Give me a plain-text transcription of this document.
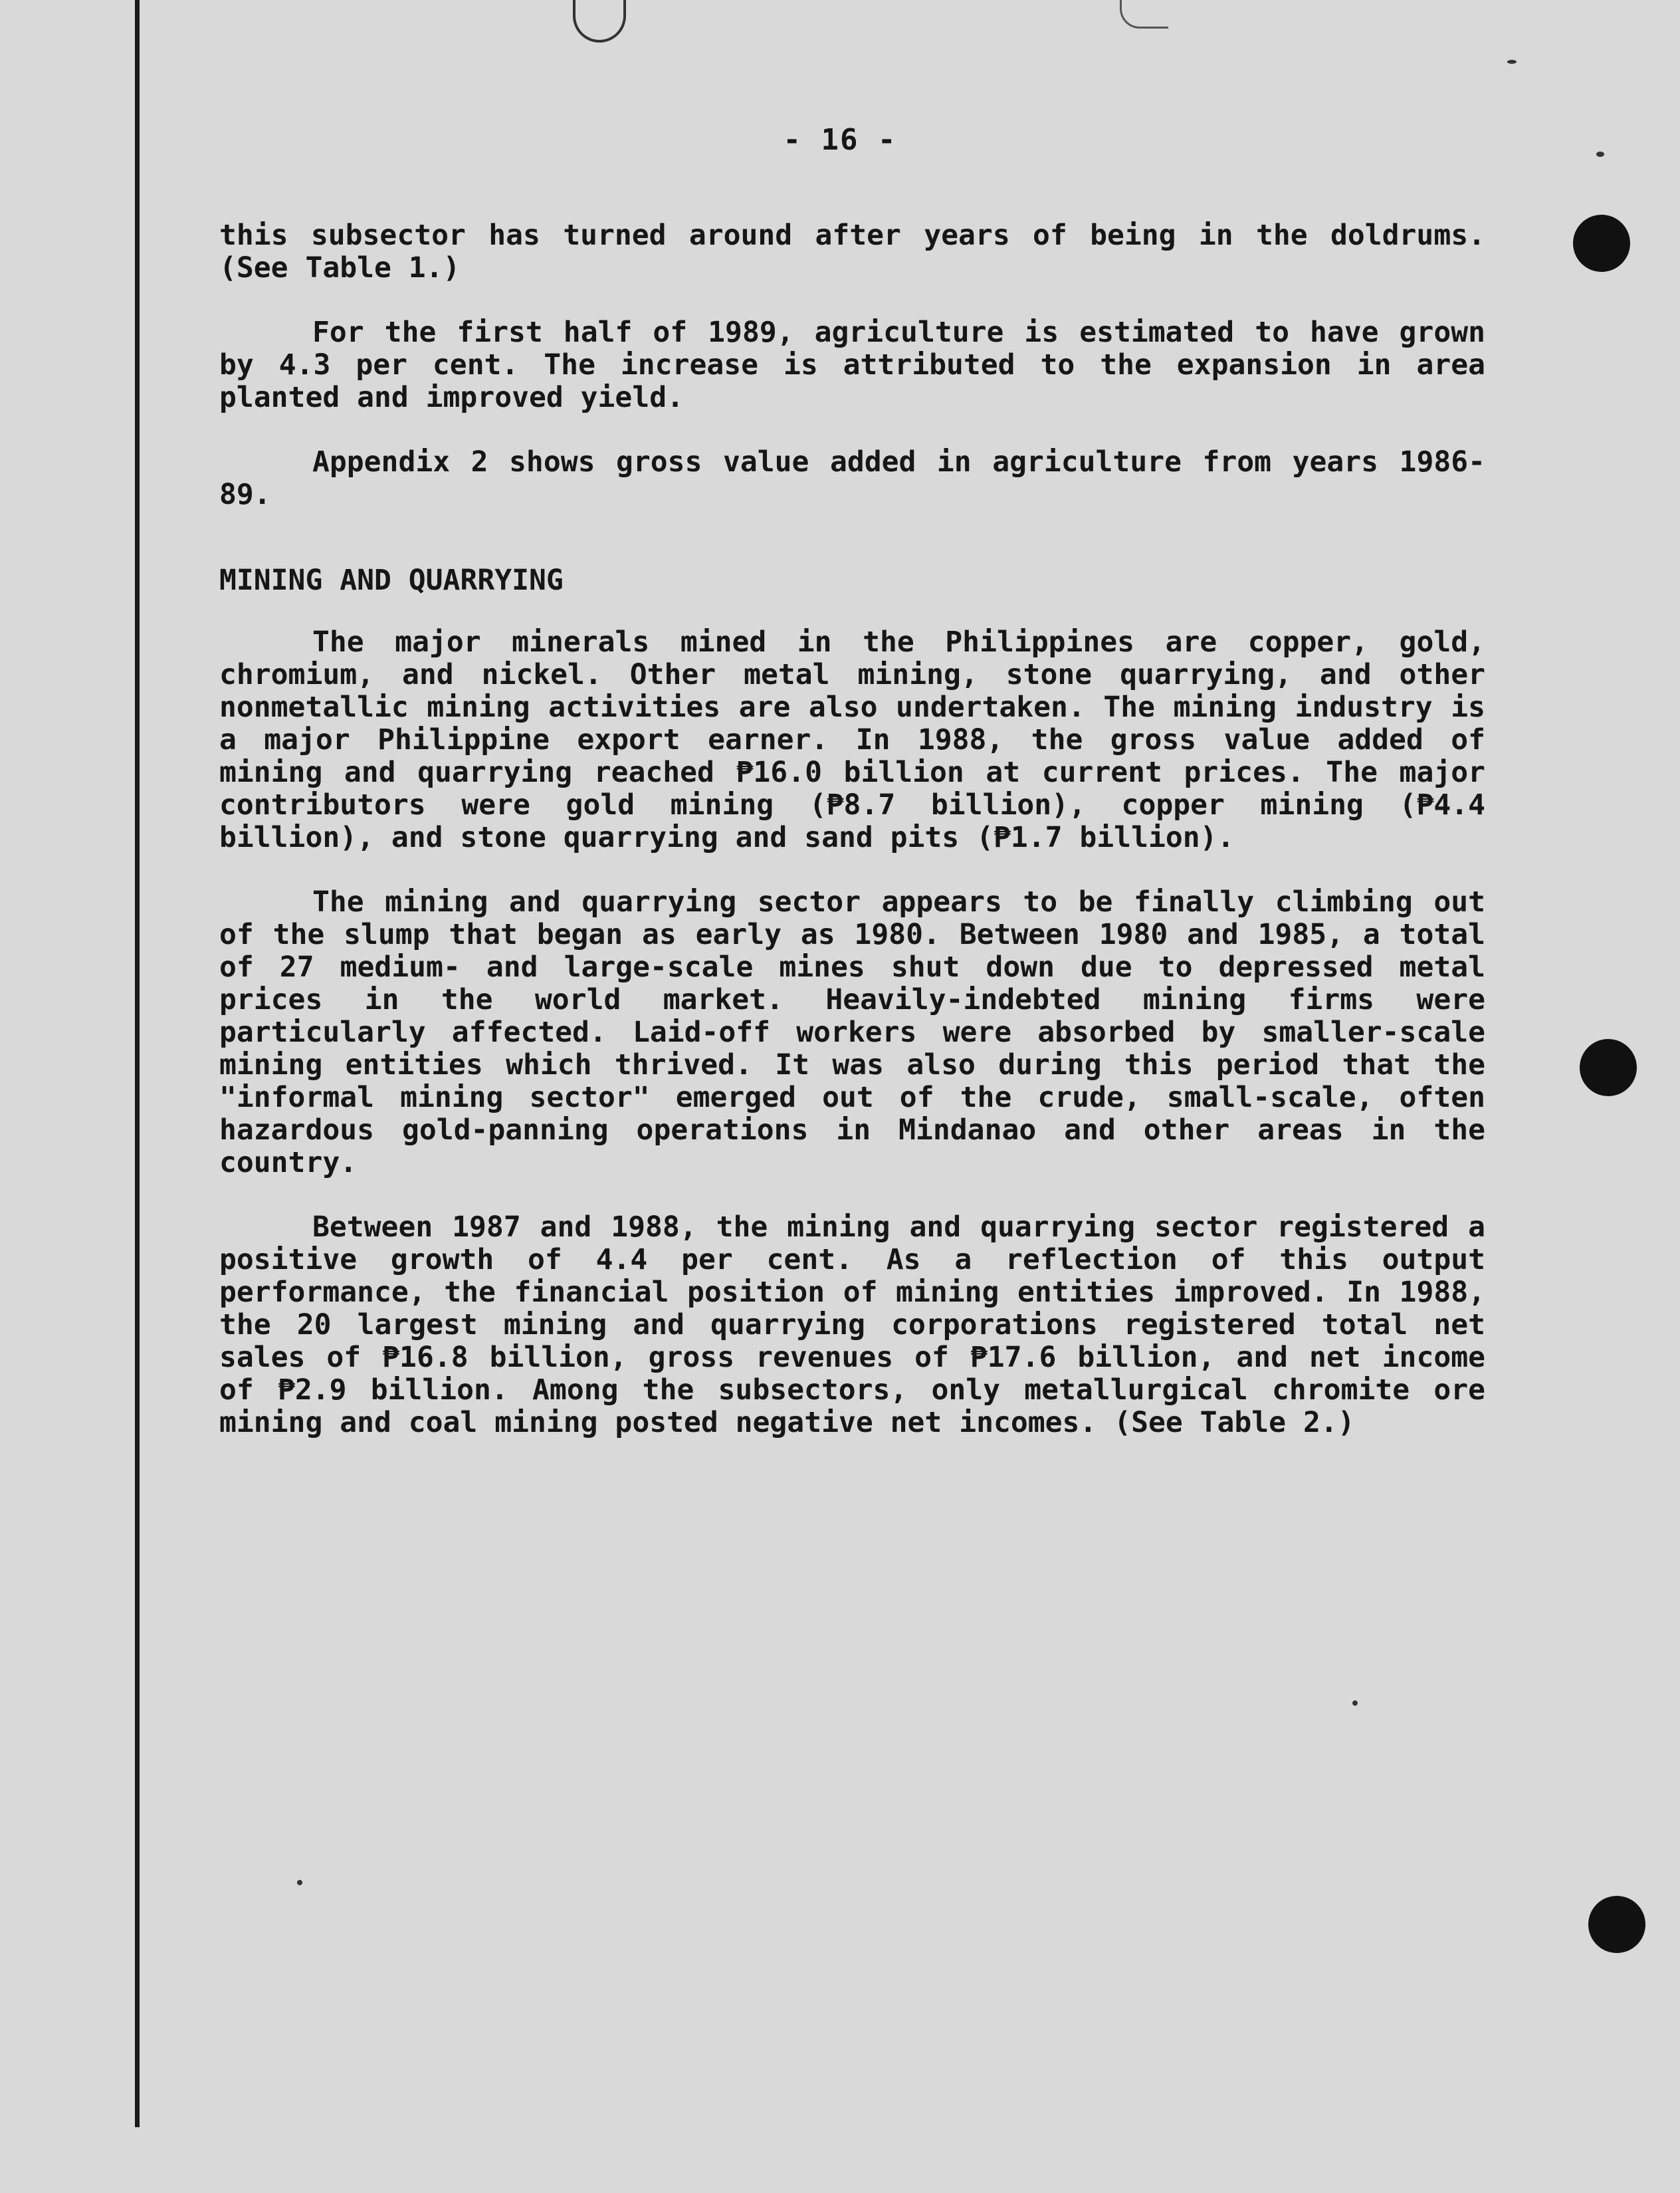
- 16 -

this subsector has turned around after years of being in the doldrums. (See Table 1.)

For the first half of 1989, agriculture is estimated to have grown by 4.3 per cent. The increase is attributed to the expansion in area planted and improved yield.

Appendix 2 shows gross value added in agriculture from years 1986-89.

MINING AND QUARRYING

The major minerals mined in the Philippines are copper, gold, chromium, and nickel. Other metal mining, stone quarrying, and other nonmetallic mining activities are also undertaken. The mining industry is a major Philippine export earner. In 1988, the gross value added of mining and quarrying reached ₱16.0 billion at current prices. The major contributors were gold mining (₱8.7 billion), copper mining (₱4.4 billion), and stone quarrying and sand pits (₱1.7 billion).

The mining and quarrying sector appears to be finally climbing out of the slump that began as early as 1980. Between 1980 and 1985, a total of 27 medium- and large-scale mines shut down due to depressed metal prices in the world market. Heavily-indebted mining firms were particularly affected. Laid-off workers were absorbed by smaller-scale mining entities which thrived. It was also during this period that the "informal mining sector" emerged out of the crude, small-scale, often hazardous gold-panning operations in Mindanao and other areas in the country.

Between 1987 and 1988, the mining and quarrying sector registered a positive growth of 4.4 per cent. As a reflection of this output performance, the financial position of mining entities improved. In 1988, the 20 largest mining and quarrying corporations registered total net sales of ₱16.8 billion, gross revenues of ₱17.6 billion, and net income of ₱2.9 billion. Among the subsectors, only metallurgical chromite ore mining and coal mining posted negative net incomes. (See Table 2.)
